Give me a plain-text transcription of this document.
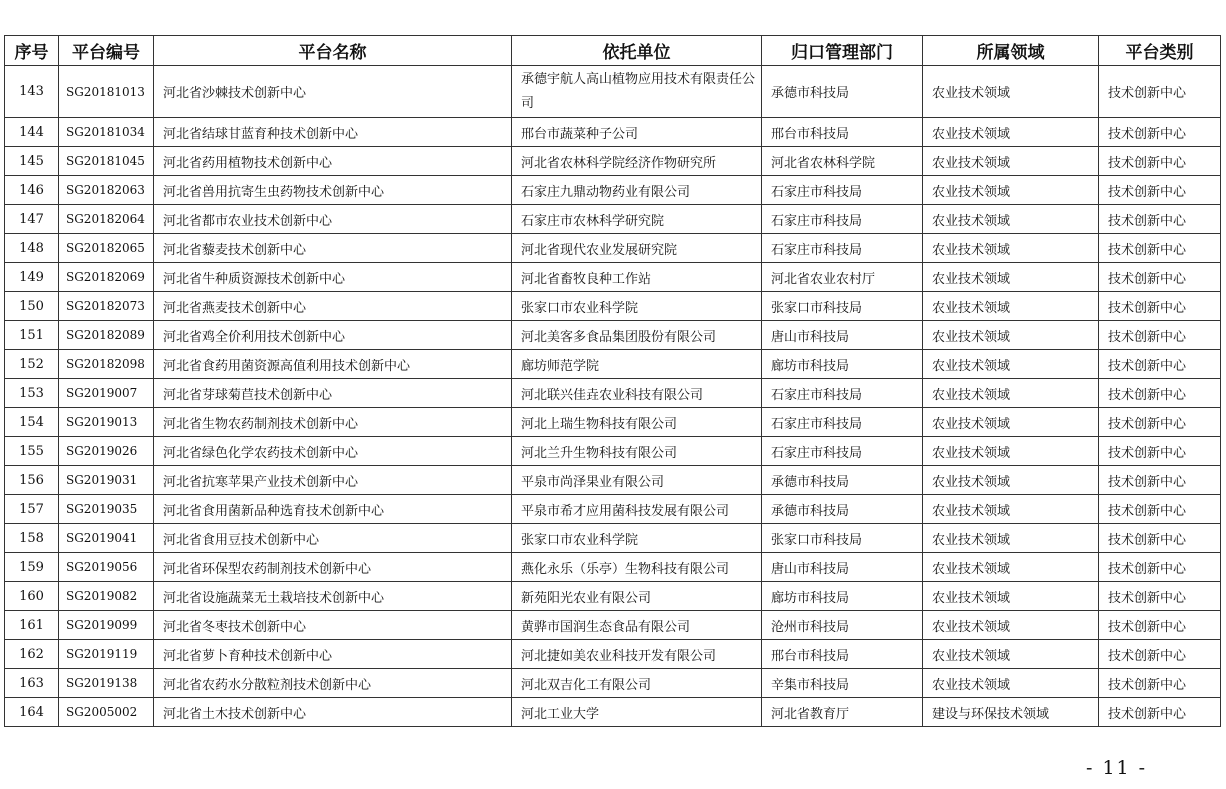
序号	平台编号	平台名称	依托单位	归口管理部门	所属领域	平台类别
143	SG20181013	河北省沙棘技术创新中心	承德宇航人高山植物应用技术有限责任公司	承德市科技局	农业技术领域	技术创新中心
144	SG20181034	河北省结球甘蓝育种技术创新中心	邢台市蔬菜种子公司	邢台市科技局	农业技术领域	技术创新中心
145	SG20181045	河北省药用植物技术创新中心	河北省农林科学院经济作物研究所	河北省农林科学院	农业技术领域	技术创新中心
146	SG20182063	河北省兽用抗寄生虫药物技术创新中心	石家庄九鼎动物药业有限公司	石家庄市科技局	农业技术领域	技术创新中心
147	SG20182064	河北省都市农业技术创新中心	石家庄市农林科学研究院	石家庄市科技局	农业技术领域	技术创新中心
148	SG20182065	河北省藜麦技术创新中心	河北省现代农业发展研究院	石家庄市科技局	农业技术领域	技术创新中心
149	SG20182069	河北省牛种质资源技术创新中心	河北省畜牧良种工作站	河北省农业农村厅	农业技术领域	技术创新中心
150	SG20182073	河北省燕麦技术创新中心	张家口市农业科学院	张家口市科技局	农业技术领域	技术创新中心
151	SG20182089	河北省鸡全价利用技术创新中心	河北美客多食品集团股份有限公司	唐山市科技局	农业技术领域	技术创新中心
152	SG20182098	河北省食药用菌资源高值利用技术创新中心	廊坊师范学院	廊坊市科技局	农业技术领域	技术创新中心
153	SG2019007	河北省芽球菊苣技术创新中心	河北联兴佳垚农业科技有限公司	石家庄市科技局	农业技术领域	技术创新中心
154	SG2019013	河北省生物农药制剂技术创新中心	河北上瑞生物科技有限公司	石家庄市科技局	农业技术领域	技术创新中心
155	SG2019026	河北省绿色化学农药技术创新中心	河北兰升生物科技有限公司	石家庄市科技局	农业技术领域	技术创新中心
156	SG2019031	河北省抗寒苹果产业技术创新中心	平泉市尚泽果业有限公司	承德市科技局	农业技术领域	技术创新中心
157	SG2019035	河北省食用菌新品种选育技术创新中心	平泉市希才应用菌科技发展有限公司	承德市科技局	农业技术领域	技术创新中心
158	SG2019041	河北省食用豆技术创新中心	张家口市农业科学院	张家口市科技局	农业技术领域	技术创新中心
159	SG2019056	河北省环保型农药制剂技术创新中心	燕化永乐（乐亭）生物科技有限公司	唐山市科技局	农业技术领域	技术创新中心
160	SG2019082	河北省设施蔬菜无土栽培技术创新中心	新苑阳光农业有限公司	廊坊市科技局	农业技术领域	技术创新中心
161	SG2019099	河北省冬枣技术创新中心	黄骅市国润生态食品有限公司	沧州市科技局	农业技术领域	技术创新中心
162	SG2019119	河北省萝卜育种技术创新中心	河北捷如美农业科技开发有限公司	邢台市科技局	农业技术领域	技术创新中心
163	SG2019138	河北省农药水分散粒剂技术创新中心	河北双吉化工有限公司	辛集市科技局	农业技术领域	技术创新中心
164	SG2005002	河北省土木技术创新中心	河北工业大学	河北省教育厅	建设与环保技术领域	技术创新中心
- 11 -
